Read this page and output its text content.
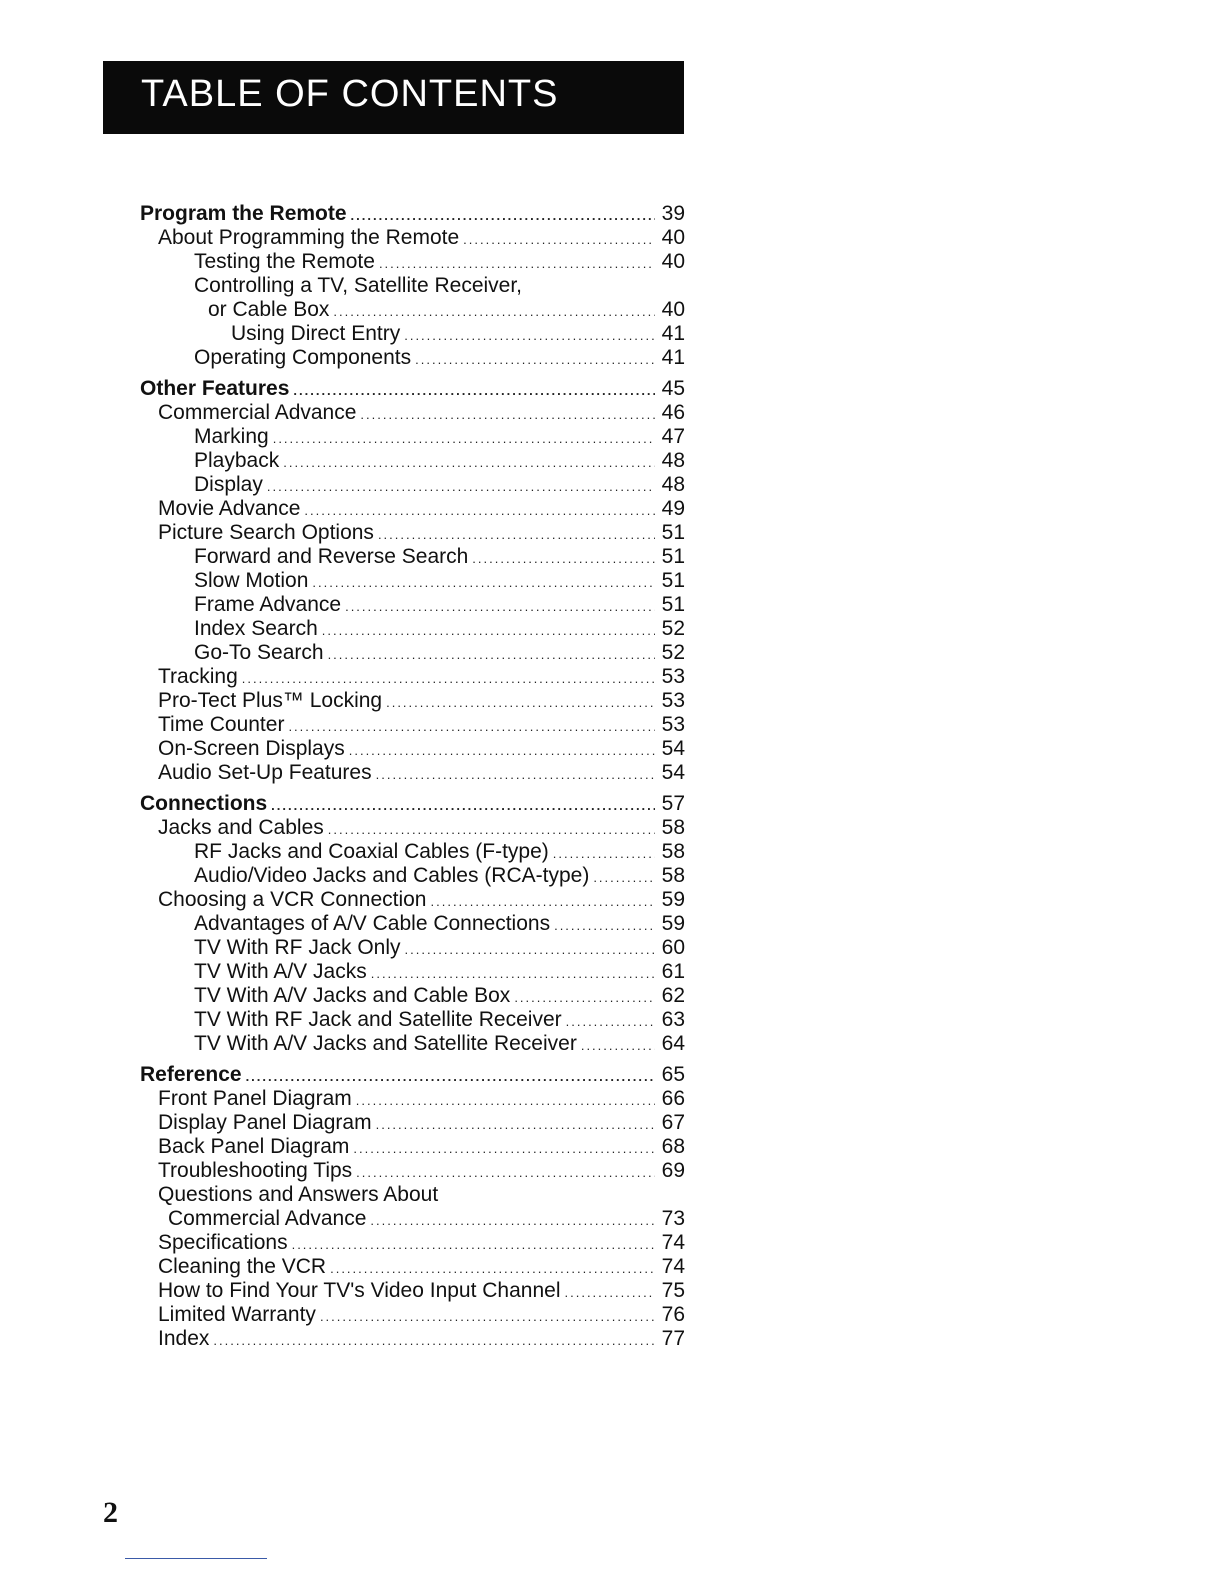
TABLE OF CONTENTS
Program the Remote .....	39
About Programming the Remote .....	40
Testing the Remote .....	40
Controlling a TV, Satellite Receiver,
or Cable Box .....	40
Using Direct Entry .....	41
Operating Components .....	41
Other Features .....	45
Commercial Advance .....	46
Marking .....	47
Playback .....	48
Display .....	48
Movie Advance .....	49
Picture Search Options .....	51
Forward and Reverse Search .....	51
Slow Motion .....	51
Frame Advance .....	51
Index Search .....	52
Go-To Search .....	52
Tracking .....	53
Pro-Tect Plus™ Locking .....	53
Time Counter .....	53
On-Screen Displays .....	54
Audio Set-Up Features .....	54
Connections .....	57
Jacks and Cables .....	58
RF Jacks and Coaxial Cables (F-type) .....	58
Audio/Video Jacks and Cables (RCA-type) .....	58
Choosing a VCR Connection .....	59
Advantages of A/V Cable Connections .....	59
TV With RF Jack Only .....	60
TV With A/V Jacks .....	61
TV With A/V Jacks and Cable Box .....	62
TV With RF Jack and Satellite Receiver .....	63
TV With A/V Jacks and Satellite Receiver .....	64
Reference .....	65
Front Panel Diagram .....	66
Display Panel Diagram .....	67
Back Panel Diagram .....	68
Troubleshooting Tips .....	69
Questions and Answers About
Commercial Advance .....	73
Specifications .....	74
Cleaning the VCR .....	74
How to Find Your TV's Video Input Channel .....	75
Limited Warranty .....	76
Index .....	77
2
